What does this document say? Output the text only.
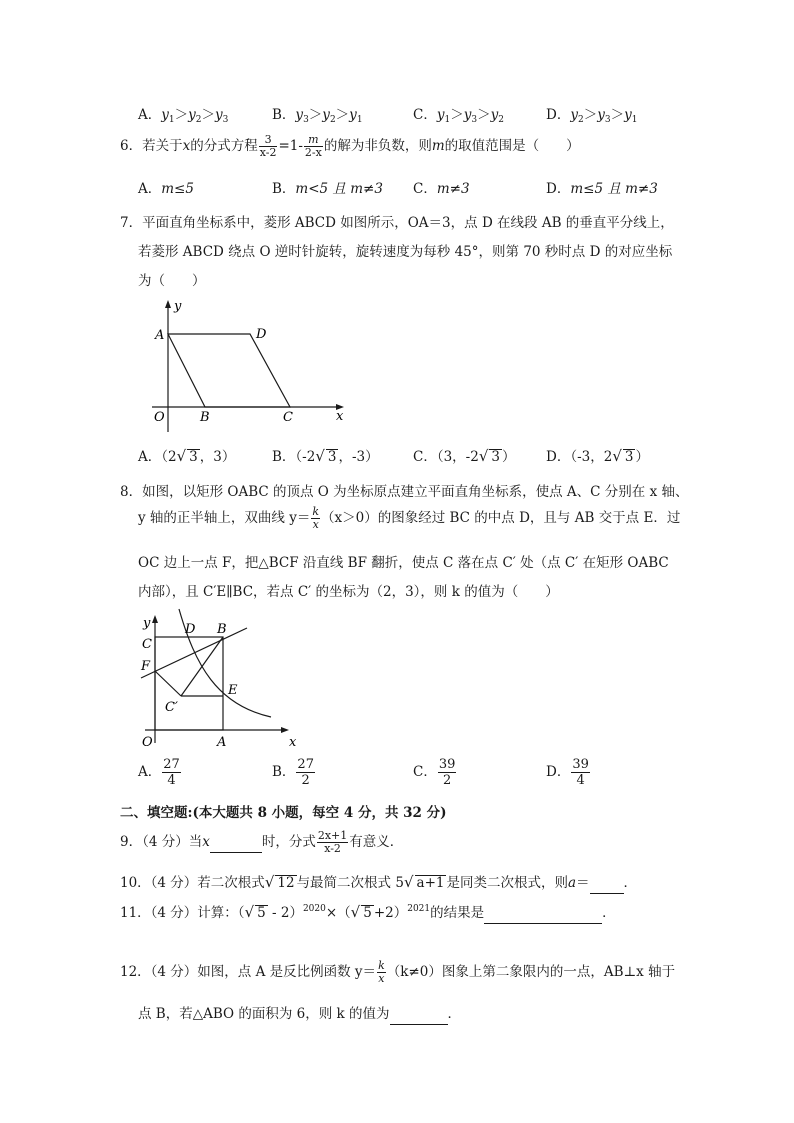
A．$y_1>y_2>y_3$	B．$y_3>y_2>y_1$	C．$y_1>y_3>y_2$	D．$y_2>y_3>y_1$
6．若关于x的分式方程 $\frac{3}{x-2} =1- \frac{m}{2-x}$ 的解为非负数，则m的取值范围是（　　）
A．m≤5	B．m<5 且 m≠3 C．m≠3	D．m≤5 且 m≠3
7．平面直角坐标系中，菱形 ABCD 如图所示，OA＝3，点 D 在线段 AB 的垂直平分线上，
若菱形 ABCD 绕点 O 逆时针旋转，旋转速度为每秒 45°，则第 70 秒时点 D 的对应坐标
为（　　）
y
A	D
O	B	C	x
A．（2√ 3 ，3）	B．（-2√ 3 ，-3）	C．（3，-2√ 3 ） D．（-3，2√ 3 ）
8．如图，以矩形 OABC 的顶点 O 为坐标原点建立平面直角坐标系，使点 A、C 分别在 x 轴、
y 轴的正半轴上，双曲线 $y= \frac{k}{x} (x>0)$的图象经过 BC 的中点 D，且与 AB 交于点 E．过
OC 边上一点 F，把△BCF 沿直线 BF 翻折，使点 C 落在点 C′ 处（点 C′ 在矩形 OABC
内部），且 C′E∥BC，若点 C′ 的坐标为（2，3），则 k 的值为（　　）
y
C
D B
F
E
C′
O	A	x
A． $\frac{27}{4}$	B． $\frac{27}{2}$	C． $\frac{39}{2}$	D． $\frac{39}{4}$
二、填空题:(本大题共 8 小题，每空 4 分，共 32 分)
9．（4 分）当x	时，分式 $\frac{2x+1}{x-2}$ 有意义．
10．（4 分）若二次根式√ 12 与最简二次根式 5√ a+1 是同类二次根式，则a＝	．
11．（4 分）计算：（√ 5 - 2）$^{2020}$×（√ 5 +2）$^{2021}$的结果是	．
12．（4 分）如图，点 A 是反比例函数 $y= \frac{k}{x} (k\ne 0)$图象上第二象限内的一点，AB⊥x 轴于
点 B，若△ABO 的面积为 6，则 k 的值为	．
